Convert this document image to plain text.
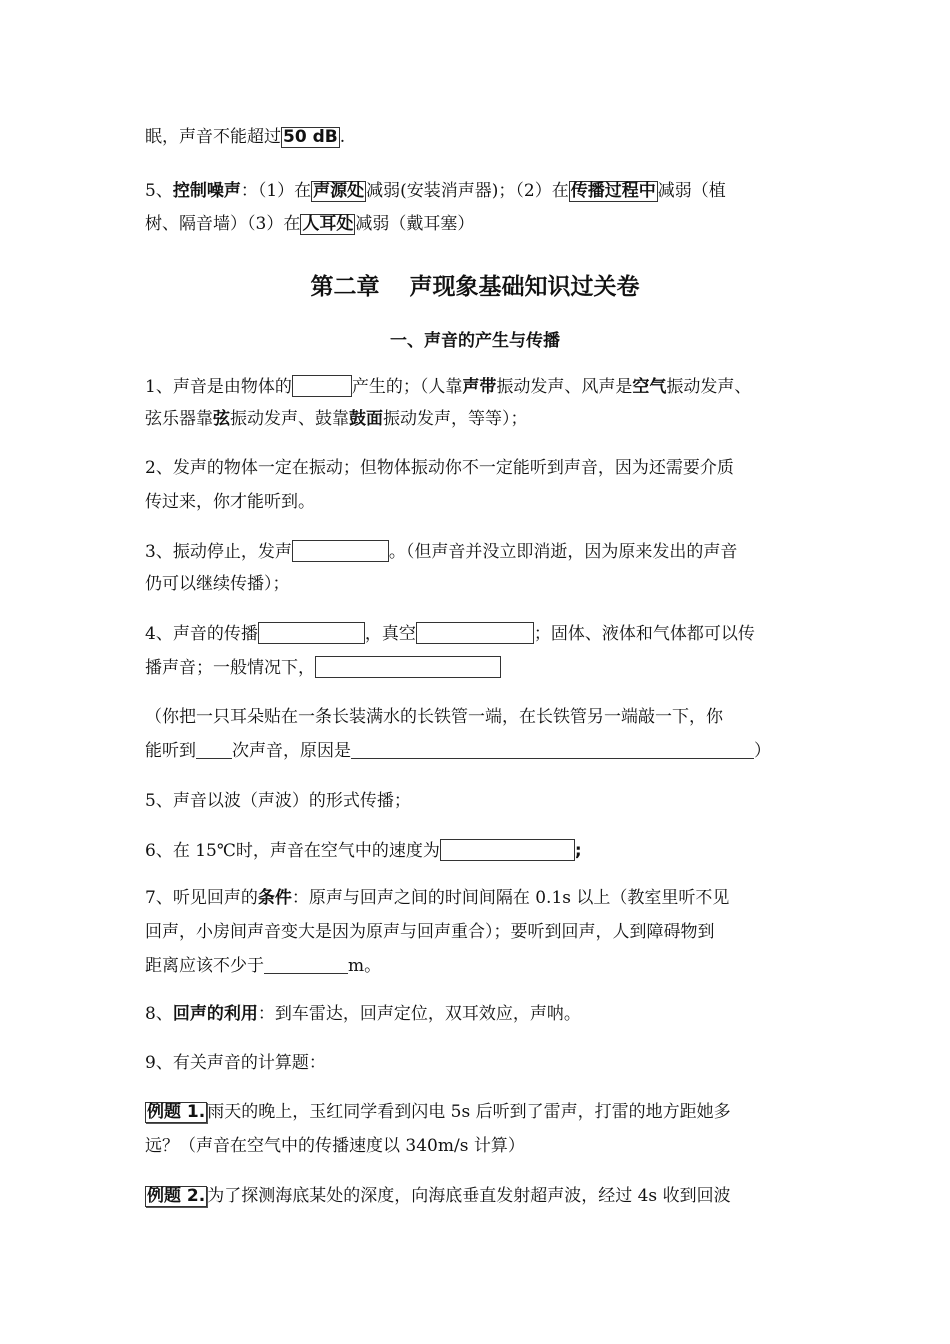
眠，声音不能超过 50 dB .
5、控制噪声：（1）在 声源处 减弱(安装消声器)；（2）在 传播过程中 减弱（植
树、隔音墙）（3）在 人耳处 减弱（戴耳塞）
第二章 声现象基础知识过关卷
一、声音的产生与传播
1、声音是由物体的	产生的；（人靠声带振动发声、风声是空气振动发声、
弦乐器靠弦振动发声、鼓靠鼓面振动发声，等等）；
2、发声的物体一定在振动；但物体振动你不一定能听到声音，因为还需要介质
传过来，你才能听到。
3、振动停止，发声	。（但声音并没立即消逝，因为原来发出的声音
仍可以继续传播）；
4、声音的传播	，真空	；固体、液体和气体都可以传
播声音；一般情况下，
（你把一只耳朵贴在一条长装满水的长铁管一端，在长铁管另一端敲一下，你
能听到 次声音，原因是	）
5、声音以波（声波）的形式传播；
6、在 15℃时，声音在空气中的速度为	;
7、听见回声的条件：原声与回声之间的时间间隔在 0.1s 以上（教室里听不见
回声，小房间声音变大是因为原声与回声重合）；要听到回声，人到障碍物到
距离应该不少于	m。
8、回声的利用：到车雷达，回声定位，双耳效应，声呐。
9、有关声音的计算题：
例题 1. 雨天的晚上，玉红同学看到闪电 5s 后听到了雷声，打雷的地方距她多
远？（声音在空气中的传播速度以 340m/s 计算）
例题 2. 为了探测海底某处的深度，向海底垂直发射超声波，经过 4s 收到回波
